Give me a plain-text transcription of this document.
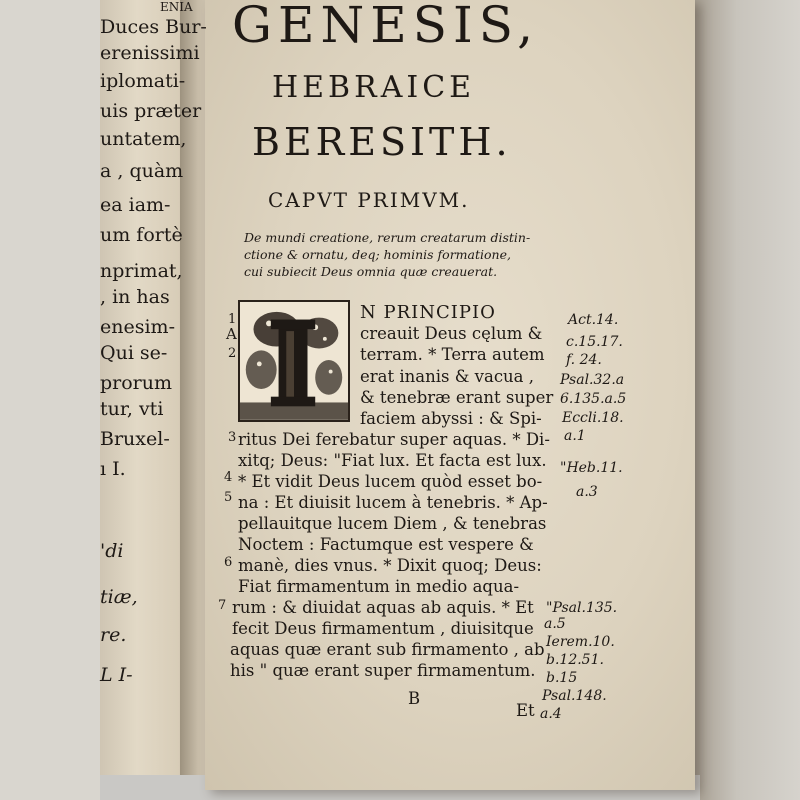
ENIA
Duces Bur-
erenissimi
iplomati-
uis præter
untatem,
a , quàm
ea iam-
um fortè
nprimat,
, in has
enesim-
Qui se-
prorum
tur, vti
Bruxel-
ı I.
'di
tiæ,
re.
L I-
GENESIS,
HEBRAICE
BERESITH.
CAPVT PRIMVM.
De mundi creatione, rerum creatarum distin-
ctione & ornatu, deq; hominis formatione,
cui subiecit Deus omnia quæ creauerat.
1
A
2
3
4
5
6
7
N PRINCIPIO
creauit Deus cęlum &
terram. * Terra autem
erat inanis & vacua ,
& tenebræ erant super
faciem abyssi : & Spi-
ritus Dei ferebatur super aquas. * Di-
xitq; Deus: "Fiat lux. Et facta est lux.
* Et vidit Deus lucem quòd esset bo-
na : Et diuisit lucem à tenebris. * Ap-
pellauitque lucem Diem , & tenebras
Noctem : Factumque est vespere &
manè, dies vnus. * Dixit quoq; Deus:
Fiat firmamentum in medio aqua-
rum : & diuidat aquas ab aquis. * Et
fecit Deus firmamentum , diuisitque
aquas quæ erant sub firmamento , ab
his " quæ erant super firmamentum.
B
Et
Act.14.
c.15.17.
f. 24.
Psal.32.a
6.135.a.5
Eccli.18.
a.1
"Heb.11.
a.3
"Psal.135.
a.5
Ierem.10.
b.12.51.
b.15
Psal.148.
a.4
